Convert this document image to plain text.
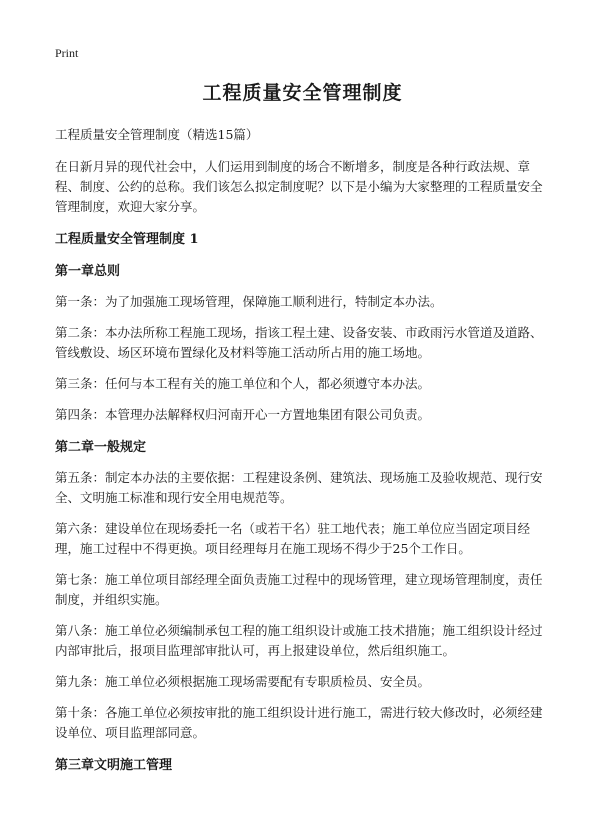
Print
工程质量安全管理制度
工程质量安全管理制度（精选15篇）

在日新月异的现代社会中，人们运用到制度的场合不断增多，制度是各种行政法规、章程、制度、公约的总称。我们该怎么拟定制度呢？以下是小编为大家整理的工程质量安全管理制度，欢迎大家分享。

工程质量安全管理制度 1
第一章总则

第一条：为了加强施工现场管理，保障施工顺利进行，特制定本办法。

第二条：本办法所称工程施工现场，指该工程土建、设备安装、市政雨污水管道及道路、管线敷设、场区环境布置绿化及材料等施工活动所占用的施工场地。

第三条：任何与本工程有关的施工单位和个人，都必须遵守本办法。

第四条：本管理办法解释权归河南开心一方置地集团有限公司负责。

第二章一般规定

第五条：制定本办法的主要依据：工程建设条例、建筑法、现场施工及验收规范、现行安全、文明施工标准和现行安全用电规范等。

第六条：建设单位在现场委托一名（或若干名）驻工地代表；施工单位应当固定项目经理，施工过程中不得更换。项目经理每月在施工现场不得少于25个工作日。

第七条：施工单位项目部经理全面负责施工过程中的现场管理，建立现场管理制度，责任制度，并组织实施。

第八条：施工单位必须编制承包工程的施工组织设计或施工技术措施；施工组织设计经过内部审批后，报项目监理部审批认可，再上报建设单位，然后组织施工。

第九条：施工单位必须根据施工现场需要配有专职质检员、安全员。

第十条：各施工单位必须按审批的施工组织设计进行施工，需进行较大修改时，必须经建设单位、项目监理部同意。

第三章文明施工管理
